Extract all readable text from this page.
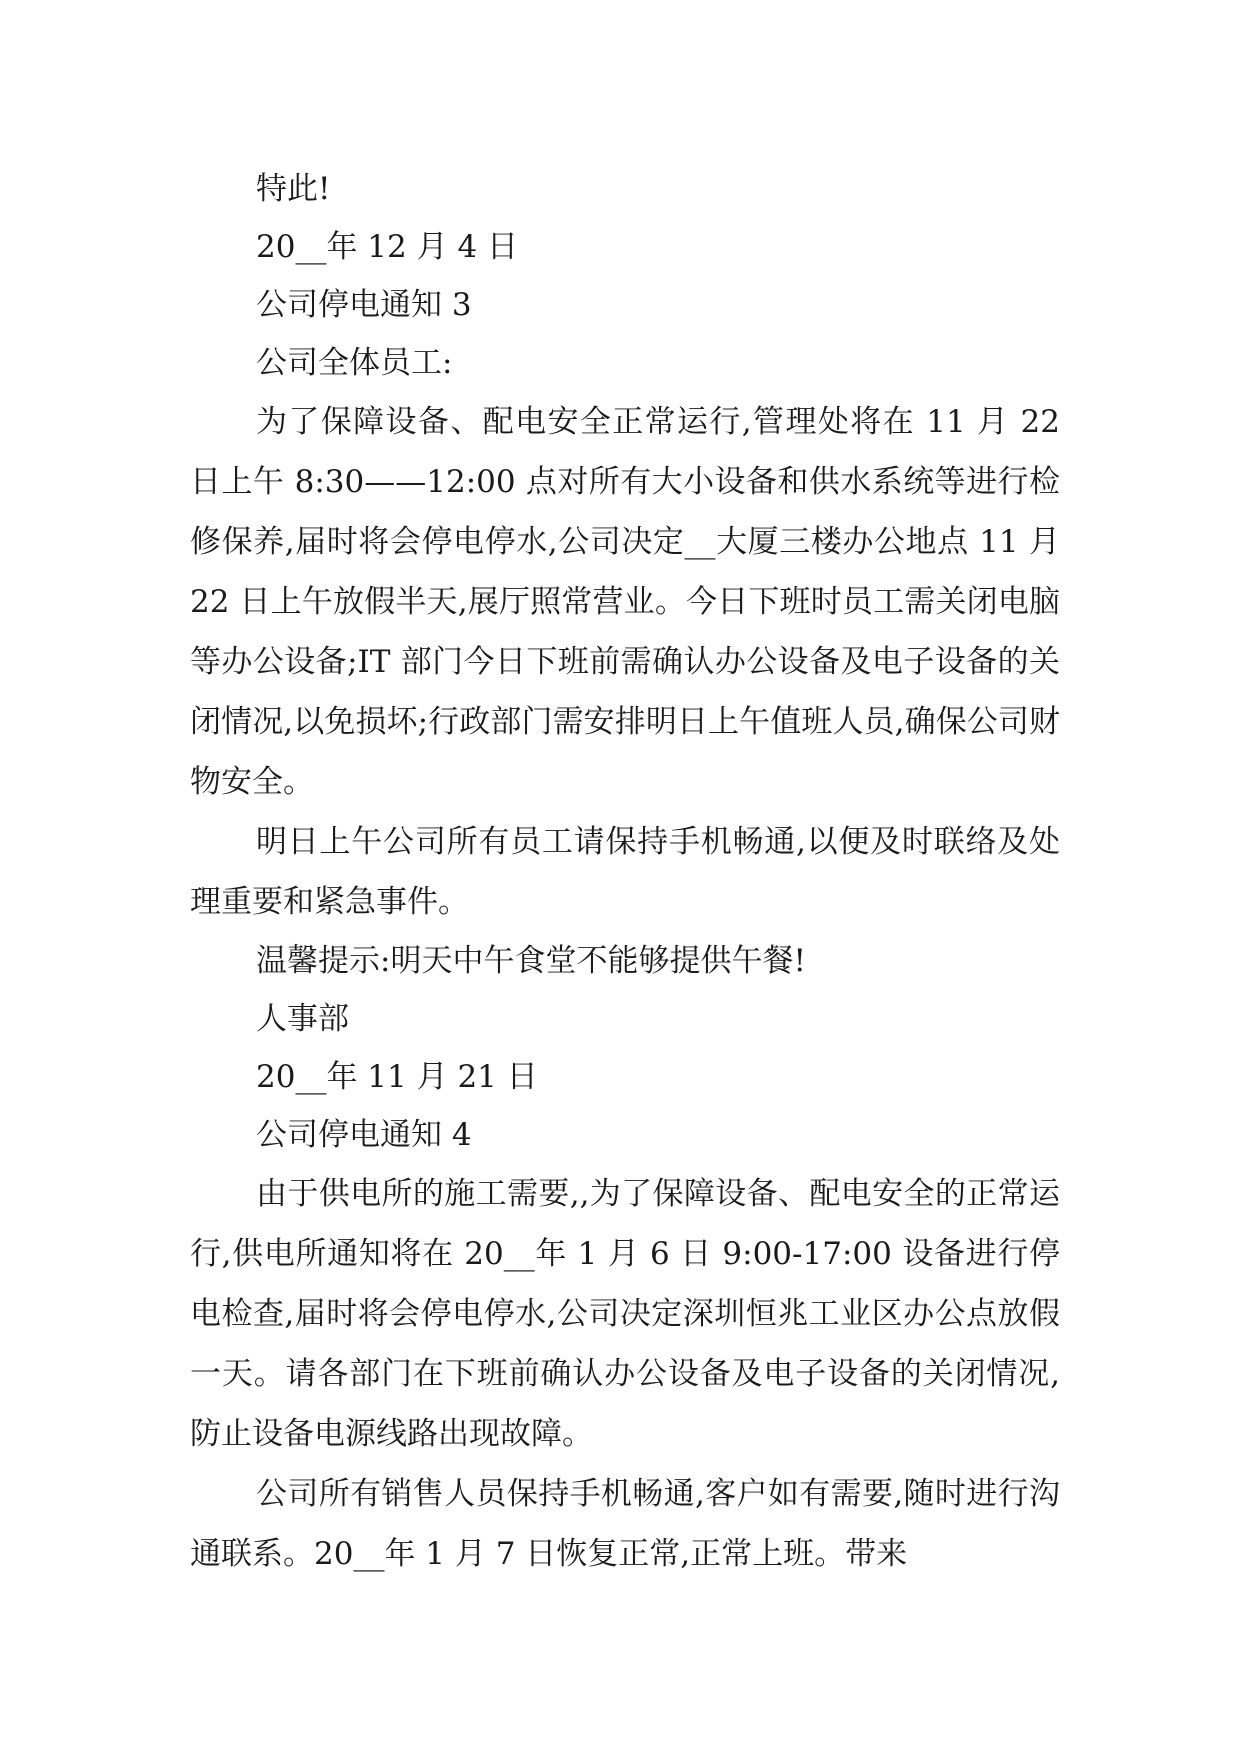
特此!

20__年 12 月 4 日

公司停电通知 3

公司全体员工:

为了保障设备、配电安全正常运行,管理处将在 11 月 22 日上午 8:30——12:00 点对所有大小设备和供水系统等进行检修保养,届时将会停电停水,公司决定__大厦三楼办公地点 11 月 22 日上午放假半天,展厅照常营业。今日下班时员工需关闭电脑等办公设备;IT 部门今日下班前需确认办公设备及电子设备的关闭情况,以免损坏;行政部门需安排明日上午值班人员,确保公司财物安全。

明日上午公司所有员工请保持手机畅通,以便及时联络及处理重要和紧急事件。

温馨提示:明天中午食堂不能够提供午餐!

人事部

20__年 11 月 21 日

公司停电通知 4

由于供电所的施工需要,,为了保障设备、配电安全的正常运行,供电所通知将在 20__年 1 月 6 日 9:00-17:00 设备进行停电检查,届时将会停电停水,公司决定深圳恒兆工业区办公点放假一天。请各部门在下班前确认办公设备及电子设备的关闭情况,防止设备电源线路出现故障。

公司所有销售人员保持手机畅通,客户如有需要,随时进行沟通联系。20__年 1 月 7 日恢复正常,正常上班。带来
